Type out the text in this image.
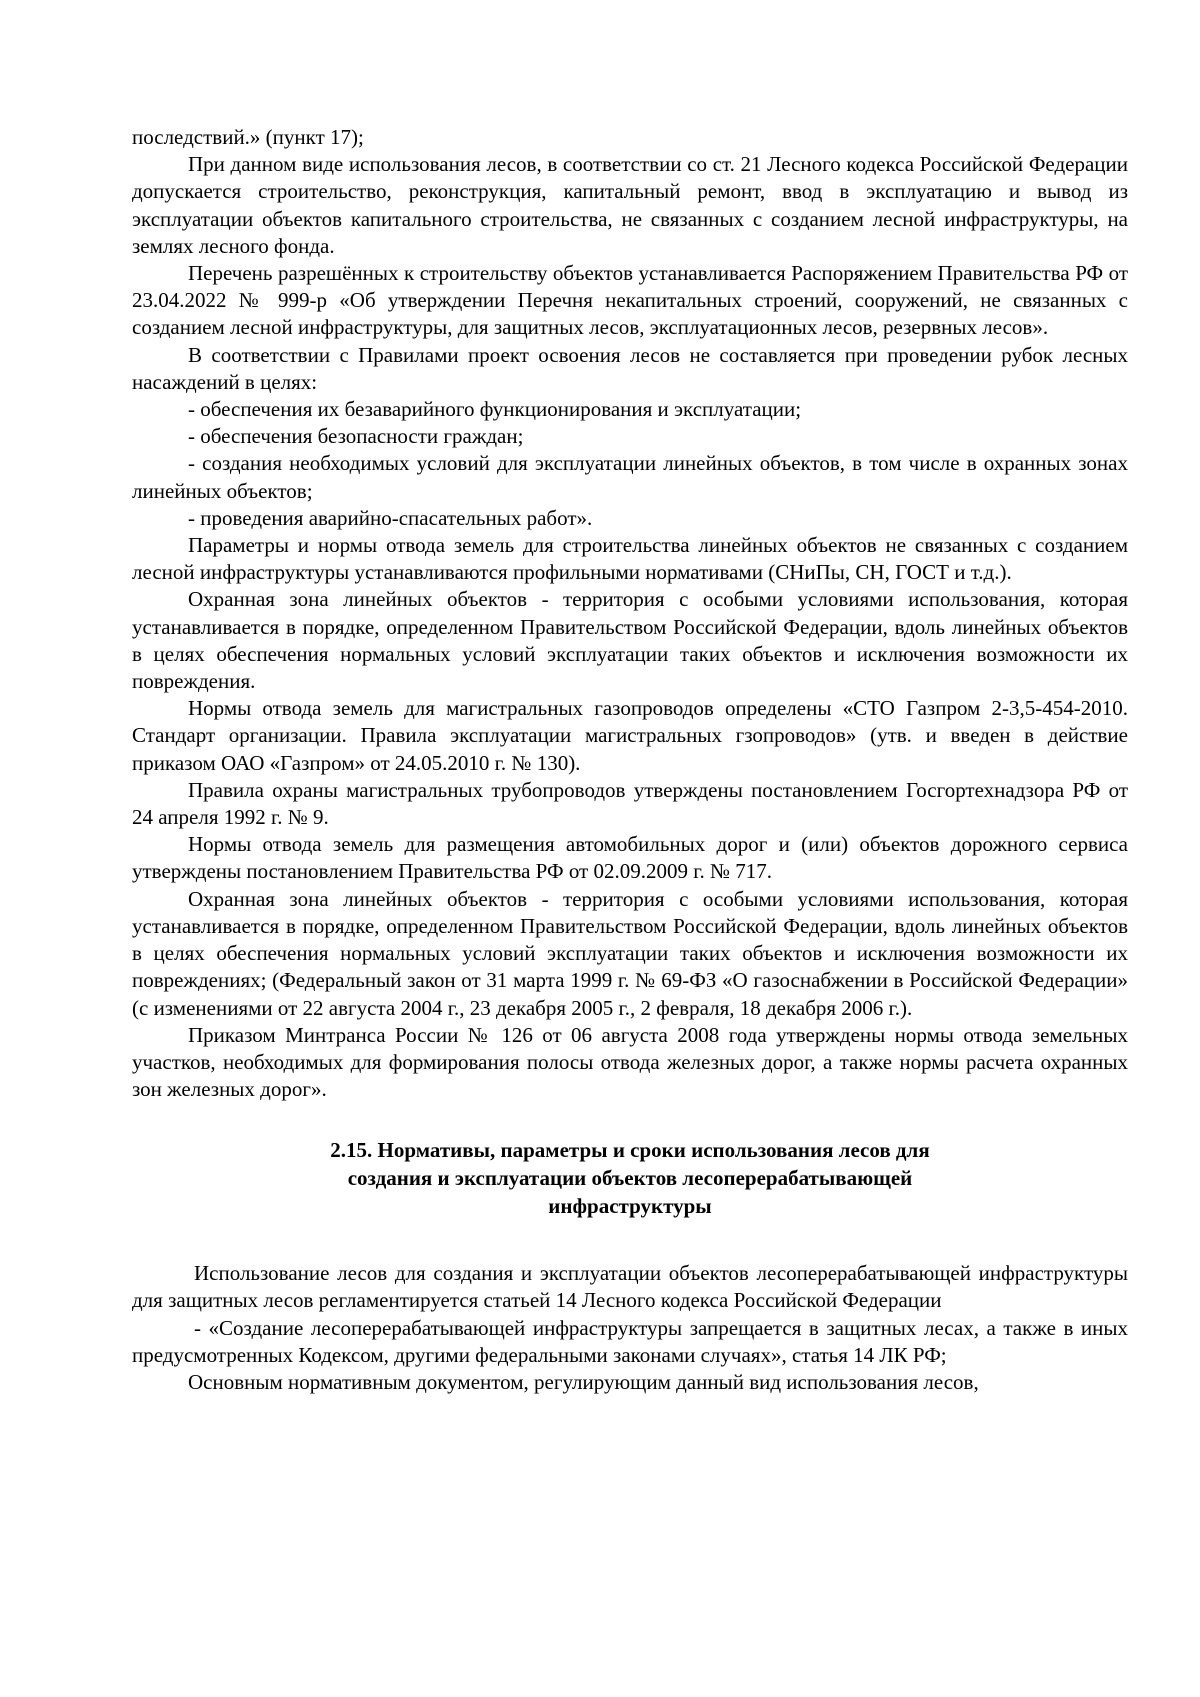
последствий.» (пункт 17);

При данном виде использования лесов, в соответствии со ст. 21 Лесного кодекса Российской Федерации допускается строительство, реконструкция, капитальный ремонт, ввод в эксплуатацию и вывод из эксплуатации объектов капитального строительства, не связанных с созданием лесной инфраструктуры, на землях лесного фонда.

Перечень разрешённых к строительству объектов устанавливается Распоряжением Правительства РФ от 23.04.2022 № 999-р «Об утверждении Перечня некапитальных строений, сооружений, не связанных с созданием лесной инфраструктуры, для защитных лесов, эксплуатационных лесов, резервных лесов».

В соответствии с Правилами проект освоения лесов не составляется при проведении рубок лесных насаждений в целях:

- обеспечения их безаварийного функционирования и эксплуатации;

- обеспечения безопасности граждан;

- создания необходимых условий для эксплуатации линейных объектов, в том числе в охранных зонах линейных объектов;

- проведения аварийно-спасательных работ».

Параметры и нормы отвода земель для строительства линейных объектов не связанных с созданием лесной инфраструктуры устанавливаются профильными нормативами (СНиПы, СН, ГОСТ и т.д.).

Охранная зона линейных объектов - территория с особыми условиями использования, которая устанавливается в порядке, определенном Правительством Российской Федерации, вдоль линейных объектов в целях обеспечения нормальных условий эксплуатации таких объектов и исключения возможности их повреждения.

Нормы отвода земель для магистральных газопроводов определены «СТО Газпром 2-3,5-454-2010. Стандарт организации. Правила эксплуатации магистральных гзопроводов» (утв. и введен в действие приказом ОАО «Газпром» от 24.05.2010 г. № 130).

Правила охраны магистральных трубопроводов утверждены постановлением Госгортехнадзора РФ от 24 апреля 1992 г. № 9.

Нормы отвода земель для размещения автомобильных дорог и (или) объектов дорожного сервиса утверждены постановлением Правительства РФ от 02.09.2009 г. № 717.

Охранная зона линейных объектов - территория с особыми условиями использования, которая устанавливается в порядке, определенном Правительством Российской Федерации, вдоль линейных объектов в целях обеспечения нормальных условий эксплуатации таких объектов и исключения возможности их повреждениях; (Федеральный закон от 31 марта 1999 г. № 69-ФЗ «О газоснабжении в Российской Федерации» (с изменениями от 22 августа 2004 г., 23 декабря 2005 г., 2 февраля, 18 декабря 2006 г.).

Приказом Минтранса России № 126 от 06 августа 2008 года утверждены нормы отвода земельных участков, необходимых для формирования полосы отвода железных дорог, а также нормы расчета охранных зон железных дорог».

2.15. Нормативы, параметры и сроки использования лесов для
создания и эксплуатации объектов лесоперерабатывающей
инфраструктуры

Использование лесов для создания и эксплуатации объектов лесоперерабатывающей инфраструктуры для защитных лесов регламентируется статьей 14 Лесного кодекса Российской Федерации

- «Создание лесоперерабатывающей инфраструктуры запрещается в защитных лесах, а также в иных предусмотренных Кодексом, другими федеральными законами случаях», статья 14 ЛК РФ;

Основным нормативным документом, регулирующим данный вид использования лесов,
